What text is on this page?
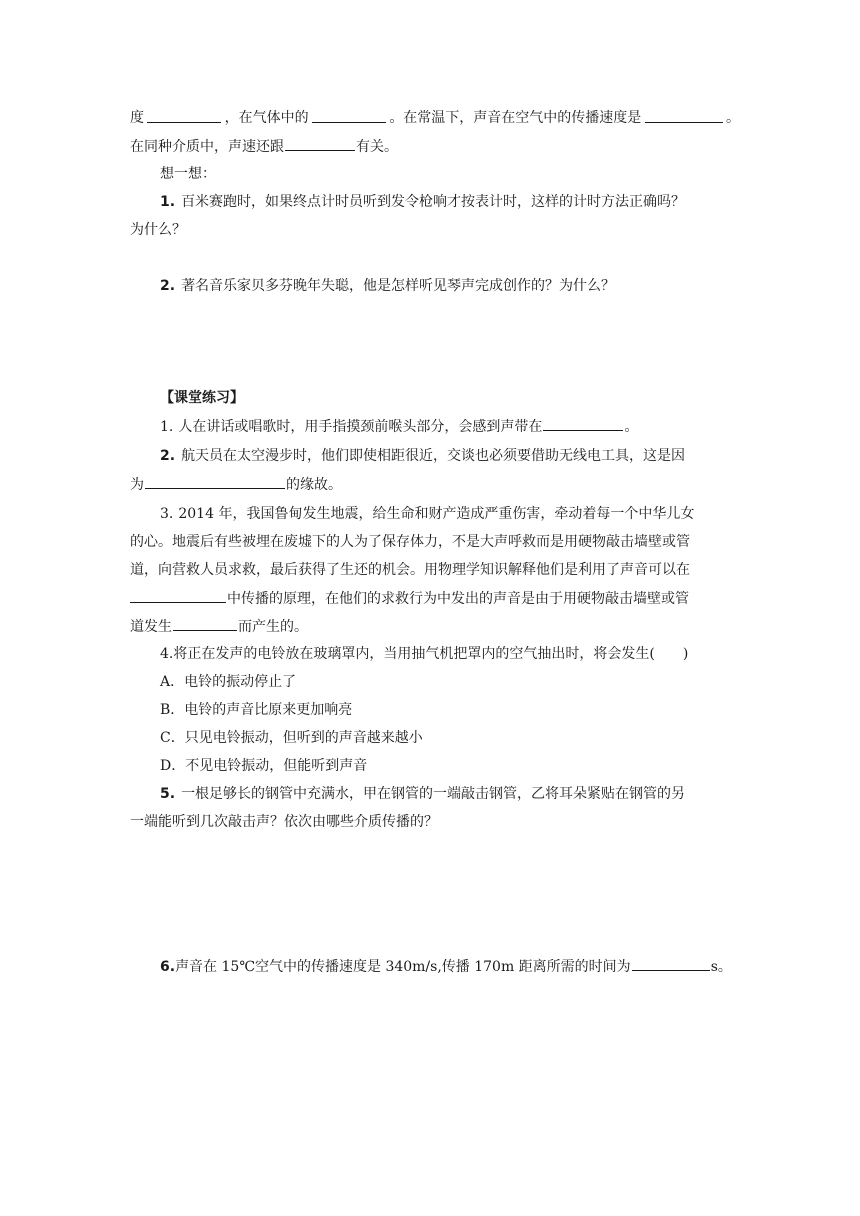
度	，在气体中的	。在常温下，声音在空气中的传播速度是	。
在同种介质中，声速还跟	有关。
想一想：
1. 百米赛跑时，如果终点计时员听到发令枪响才按表计时，这样的计时方法正确吗？
为什么？
2. 著名音乐家贝多芬晚年失聪，他是怎样听见琴声完成创作的？为什么？
【课堂练习】
1. 人在讲话或唱歌时，用手指摸颈前喉头部分，会感到声带在	。
2. 航天员在太空漫步时，他们即使相距很近，交谈也必须要借助无线电工具，这是因
为	的缘故。
3. 2014 年，我国鲁甸发生地震，给生命和财产造成严重伤害，牵动着每一个中华儿女
的心。地震后有些被埋在废墟下的人为了保存体力，不是大声呼救而是用硬物敲击墙壁或管
道，向营救人员求救，最后获得了生还的机会。用物理学知识解释他们是利用了声音可以在
中传播的原理，在他们的求救行为中发出的声音是由于用硬物敲击墙壁或管
道发生	而产生的。
4.将正在发声的电铃放在玻璃罩内，当用抽气机把罩内的空气抽出时，将会发生( )
A．电铃的振动停止了
B．电铃的声音比原来更加响亮
C．只见电铃振动，但听到的声音越来越小
D．不见电铃振动，但能听到声音
5. 一根足够长的钢管中充满水，甲在钢管的一端敲击钢管，乙将耳朵紧贴在钢管的另
一端能听到几次敲击声？依次由哪些介质传播的？
6.声音在 15℃空气中的传播速度是 340m/s,传播 170m 距离所需的时间为	s。
